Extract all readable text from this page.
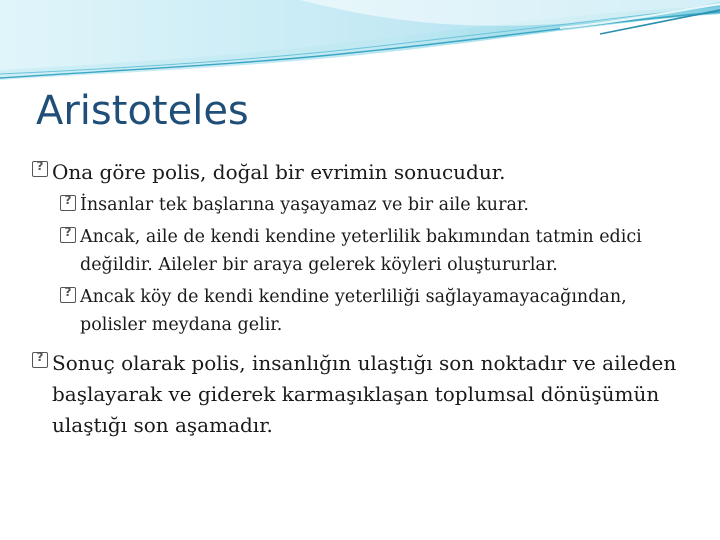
Aristoteles
?
Ona göre polis, doğal bir evrimin sonucudur.
?
İnsanlar tek başlarına yaşayamaz ve bir aile kurar.
?
Ancak, aile de kendi kendine yeterlilik bakımından tatmin edici değildir. Aileler bir araya gelerek köyleri oluştururlar.
?
Ancak köy de kendi kendine yeterliliği sağlayamayacağından, polisler meydana gelir.
?
Sonuç olarak polis, insanlığın ulaştığı son noktadır ve aileden başlayarak ve giderek karmaşıklaşan toplumsal dönüşümün ulaştığı son aşamadır.
